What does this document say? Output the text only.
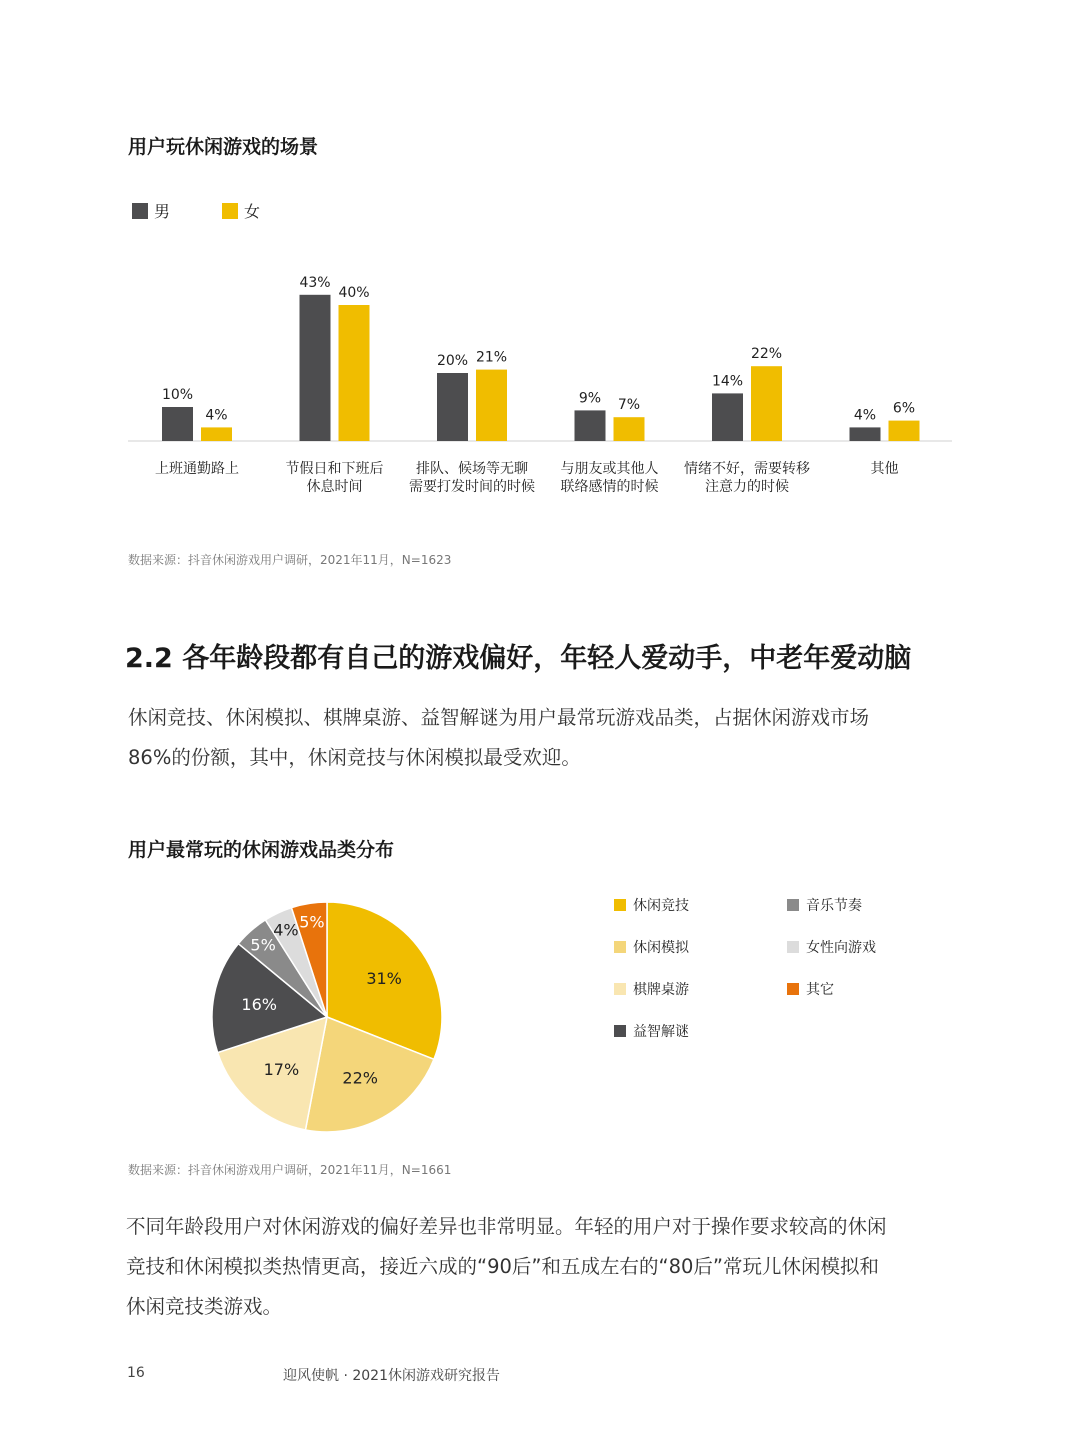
用户玩休闲游戏的场景
男	女
10%
4%
43%
40%
20% 21%
9% 7%
14%
22%
4% 6%
上班通勤路上	节假日和下班后
休息时间
排队、候场等无聊
需要打发时间的时候
与朋友或其他人
联络感情的时候
情绪不好，需要转移
注意力的时候
其他
数据来源：抖音休闲游戏用户调研，2021年11月，N=1623
2.2 各年龄段都有自己的游戏偏好，年轻人爱动手，中老年爱动脑
休闲竞技、休闲模拟、棋牌桌游、益智解谜为用户最常玩游戏品类，占据休闲游戏市场
86%的份额，其中，休闲竞技与休闲模拟最受欢迎。
用户最常玩的休闲游戏品类分布
31%
22%
17%
16%
5%
4% 5%
休闲竞技
休闲模拟
棋牌桌游
益智解谜
音乐节奏
女性向游戏
其它
数据来源：抖音休闲游戏用户调研，2021年11月，N=1661
不同年龄段用户对休闲游戏的偏好差异也非常明显。年轻的用户对于操作要求较高的休闲
竞技和休闲模拟类热情更高，接近六成的“90后”和五成左右的“80后”常玩儿休闲模拟和
休闲竞技类游戏。
16	迎风使帆 · 2021休闲游戏研究报告
